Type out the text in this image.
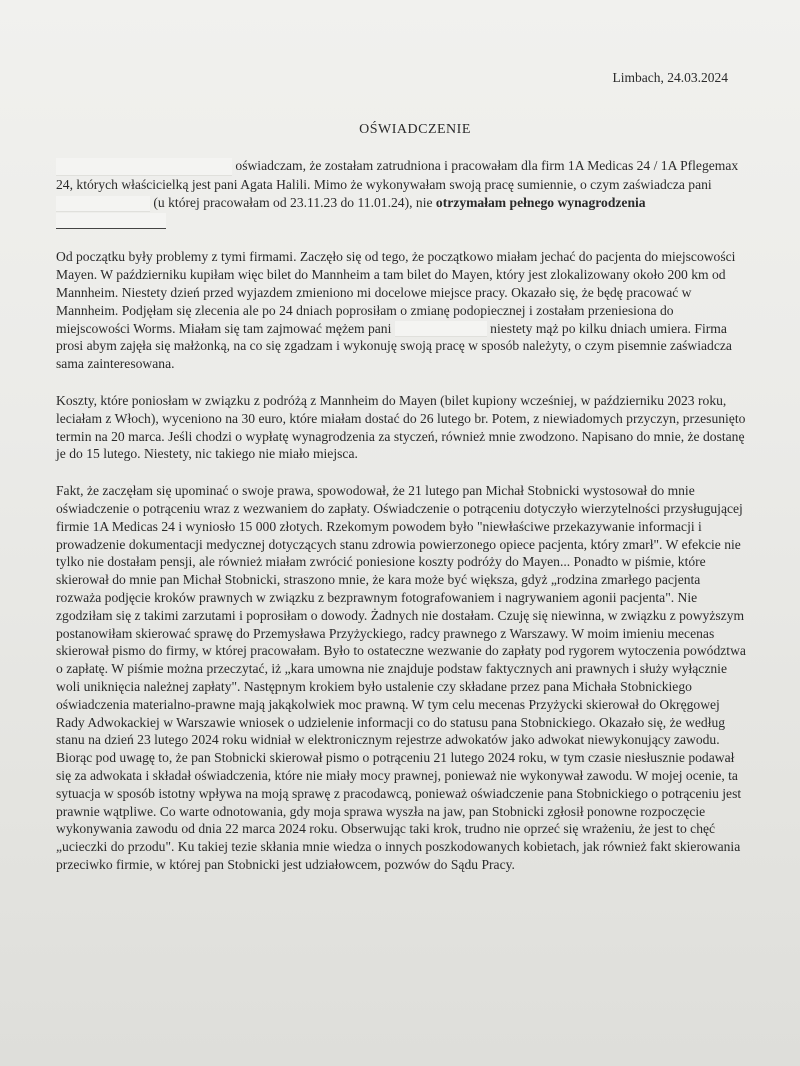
Limbach, 24.03.2024
OŚWIADCZENIE

oświadczam, że zostałam zatrudniona i pracowałam dla firm 1A Medicas 24 / 1A Pflegemax 24, których właścicielką jest pani Agata Halili. Mimo że wykonywałam swoją pracę sumiennie, o czym zaświadcza pani  (u której pracowałam od 23.11.23 do 11.01.24), nie otrzymałam pełnego wynagrodzenia

Od początku były problemy z tymi firmami. Zaczęło się od tego, że początkowo miałam jechać do pacjenta do miejscowości Mayen. W październiku kupiłam więc bilet do Mannheim a tam bilet do Mayen, który jest zlokalizowany około 200 km od Mannheim. Niestety dzień przed wyjazdem zmieniono mi docelowe miejsce pracy. Okazało się, że będę pracować w Mannheim. Podjęłam się zlecenia ale po 24 dniach poprosiłam o zmianę podopiecznej i zostałam przeniesiona do miejscowości Worms. Miałam się tam zajmować mężem pani	niestety mąż po kilku dniach umiera. Firma prosi abym zajęła się małżonką, na co się zgadzam i wykonuję swoją pracę w sposób należyty, o czym pisemnie zaświadcza sama zainteresowana.

Koszty, które poniosłam w związku z podróżą z Mannheim do Mayen (bilet kupiony wcześniej, w październiku 2023 roku, leciałam z Włoch), wyceniono na 30 euro, które miałam dostać do 26 lutego br. Potem, z niewiadomych przyczyn, przesunięto termin na 20 marca. Jeśli chodzi o wypłatę wynagrodzenia za styczeń, również mnie zwodzono. Napisano do mnie, że dostanę je do 15 lutego. Niestety, nic takiego nie miało miejsca.

Fakt, że zaczęłam się upominać o swoje prawa, spowodował, że 21 lutego pan Michał Stobnicki wystosował do mnie oświadczenie o potrąceniu wraz z wezwaniem do zapłaty. Oświadczenie o potrąceniu dotyczyło wierzytelności przysługującej firmie 1A Medicas 24 i wyniosło 15 000 złotych. Rzekomym powodem było "niewłaściwe przekazywanie informacji i prowadzenie dokumentacji medycznej dotyczących stanu zdrowia powierzonego opiece pacjenta, który zmarł". W efekcie nie tylko nie dostałam pensji, ale również miałam zwrócić poniesione koszty podróży do Mayen... Ponadto w piśmie, które skierował do mnie pan Michał Stobnicki, straszono mnie, że kara może być większa, gdyż „rodzina zmarłego pacjenta rozważa podjęcie kroków prawnych w związku z bezprawnym fotografowaniem i nagrywaniem agonii pacjenta". Nie zgodziłam się z takimi zarzutami i poprosiłam o dowody. Żadnych nie dostałam. Czuję się niewinna, w związku z powyższym postanowiłam skierować sprawę do Przemysława Przyżyckiego, radcy prawnego z Warszawy. W moim imieniu mecenas skierował pismo do firmy, w której pracowałam. Było to ostateczne wezwanie do zapłaty pod rygorem wytoczenia powództwa o zapłatę. W piśmie można przeczytać, iż „kara umowna nie znajduje podstaw faktycznych ani prawnych i służy wyłącznie woli uniknięcia należnej zapłaty". Następnym krokiem było ustalenie czy składane przez pana Michała Stobnickiego oświadczenia materialno-prawne mają jakąkolwiek moc prawną. W tym celu mecenas Przyżycki skierował do Okręgowej Rady Adwokackiej w Warszawie wniosek o udzielenie informacji co do statusu pana Stobnickiego. Okazało się, że według stanu na dzień 23 lutego 2024 roku widniał w elektronicznym rejestrze adwokatów jako adwokat niewykonujący zawodu. Biorąc pod uwagę to, że pan Stobnicki skierował pismo o potrąceniu 21 lutego 2024 roku, w tym czasie niesłusznie podawał się za adwokata i składał oświadczenia, które nie miały mocy prawnej, ponieważ nie wykonywał zawodu. W mojej ocenie, ta sytuacja w sposób istotny wpływa na moją sprawę z pracodawcą, ponieważ oświadczenie pana Stobnickiego o potrąceniu jest prawnie wątpliwe. Co warte odnotowania, gdy moja sprawa wyszła na jaw, pan Stobnicki zgłosił ponowne rozpoczęcie wykonywania zawodu od dnia 22 marca 2024 roku. Obserwując taki krok, trudno nie oprzeć się wrażeniu, że jest to chęć „ucieczki do przodu". Ku takiej tezie skłania mnie wiedza o innych poszkodowanych kobietach, jak również fakt skierowania przeciwko firmie, w której pan Stobnicki jest udziałowcem, pozwów do Sądu Pracy.
